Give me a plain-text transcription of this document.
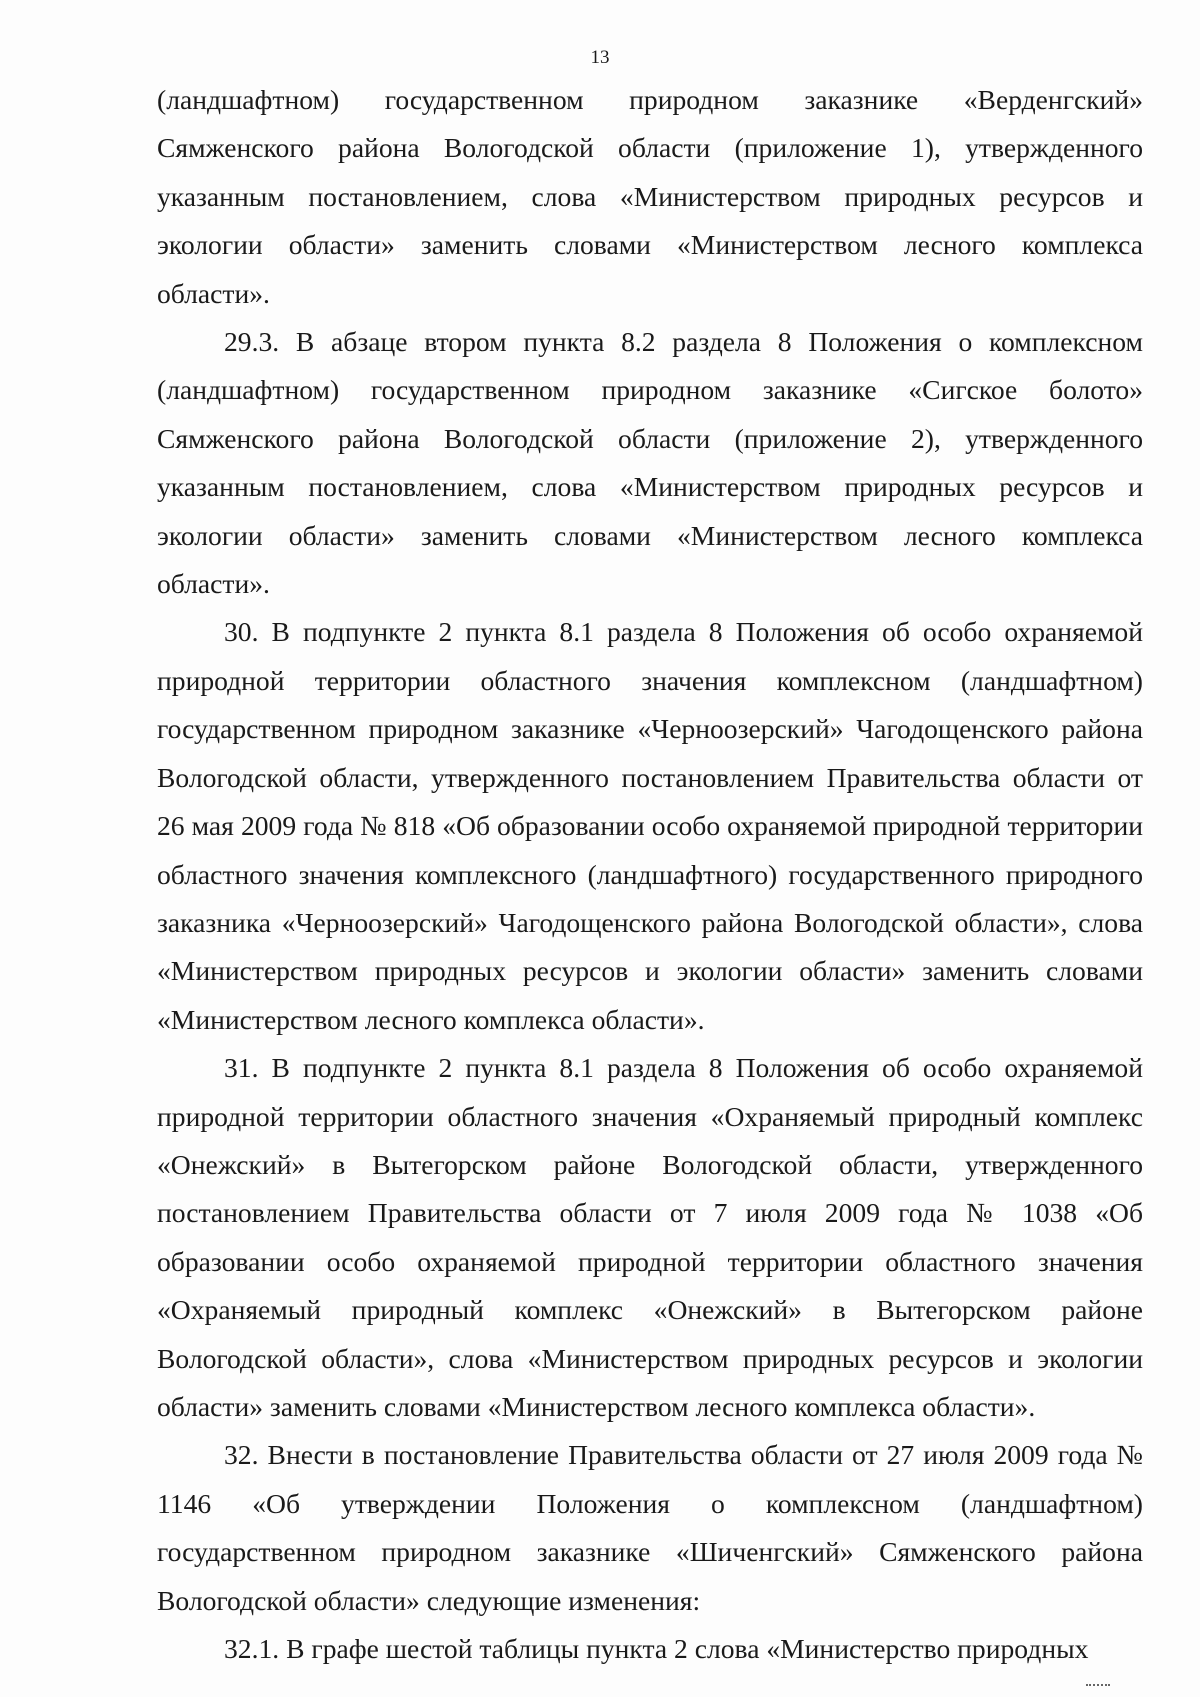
13

(ландшафтном) государственном природном заказнике «Верденгский» Сямженского района Вологодской области (приложение 1), утвержденного указанным постановлением, слова «Министерством природных ресурсов и экологии области» заменить словами «Министерством лесного комплекса области».

29.3. В абзаце втором пункта 8.2 раздела 8 Положения о комплексном (ландшафтном) государственном природном заказнике «Сигское болото» Сямженского района Вологодской области (приложение 2), утвержденного указанным постановлением, слова «Министерством природных ресурсов и экологии области» заменить словами «Министерством лесного комплекса области».

30. В подпункте 2 пункта 8.1 раздела 8 Положения об особо охраняемой природной территории областного значения комплексном (ландшафтном) государственном природном заказнике «Черноозерский» Чагодощенского района Вологодской области, утвержденного постановлением Правительства области от 26 мая 2009 года № 818 «Об образовании особо охраняемой природной территории областного значения комплексного (ландшафтного) государственного природного заказника «Черноозерский» Чагодощенского района Вологодской области», слова «Министерством природных ресурсов и экологии области» заменить словами «Министерством лесного комплекса области».

31. В подпункте 2 пункта 8.1 раздела 8 Положения об особо охраняемой природной территории областного значения «Охраняемый природный комплекс «Онежский» в Вытегорском районе Вологодской области, утвержденного постановлением Правительства области от 7 июля 2009 года № 1038 «Об образовании особо охраняемой природной территории областного значения «Охраняемый природный комплекс «Онежский» в Вытегорском районе Вологодской области», слова «Министерством природных ресурсов и экологии области» заменить словами «Министерством лесного комплекса области».

32. Внести в постановление Правительства области от 27 июля 2009 года № 1146 «Об утверждении Положения о комплексном (ландшафтном) государственном природном заказнике «Шиченгский» Сямженского района Вологодской области» следующие изменения:

32.1. В графе шестой таблицы пункта 2 слова «Министерство природных
